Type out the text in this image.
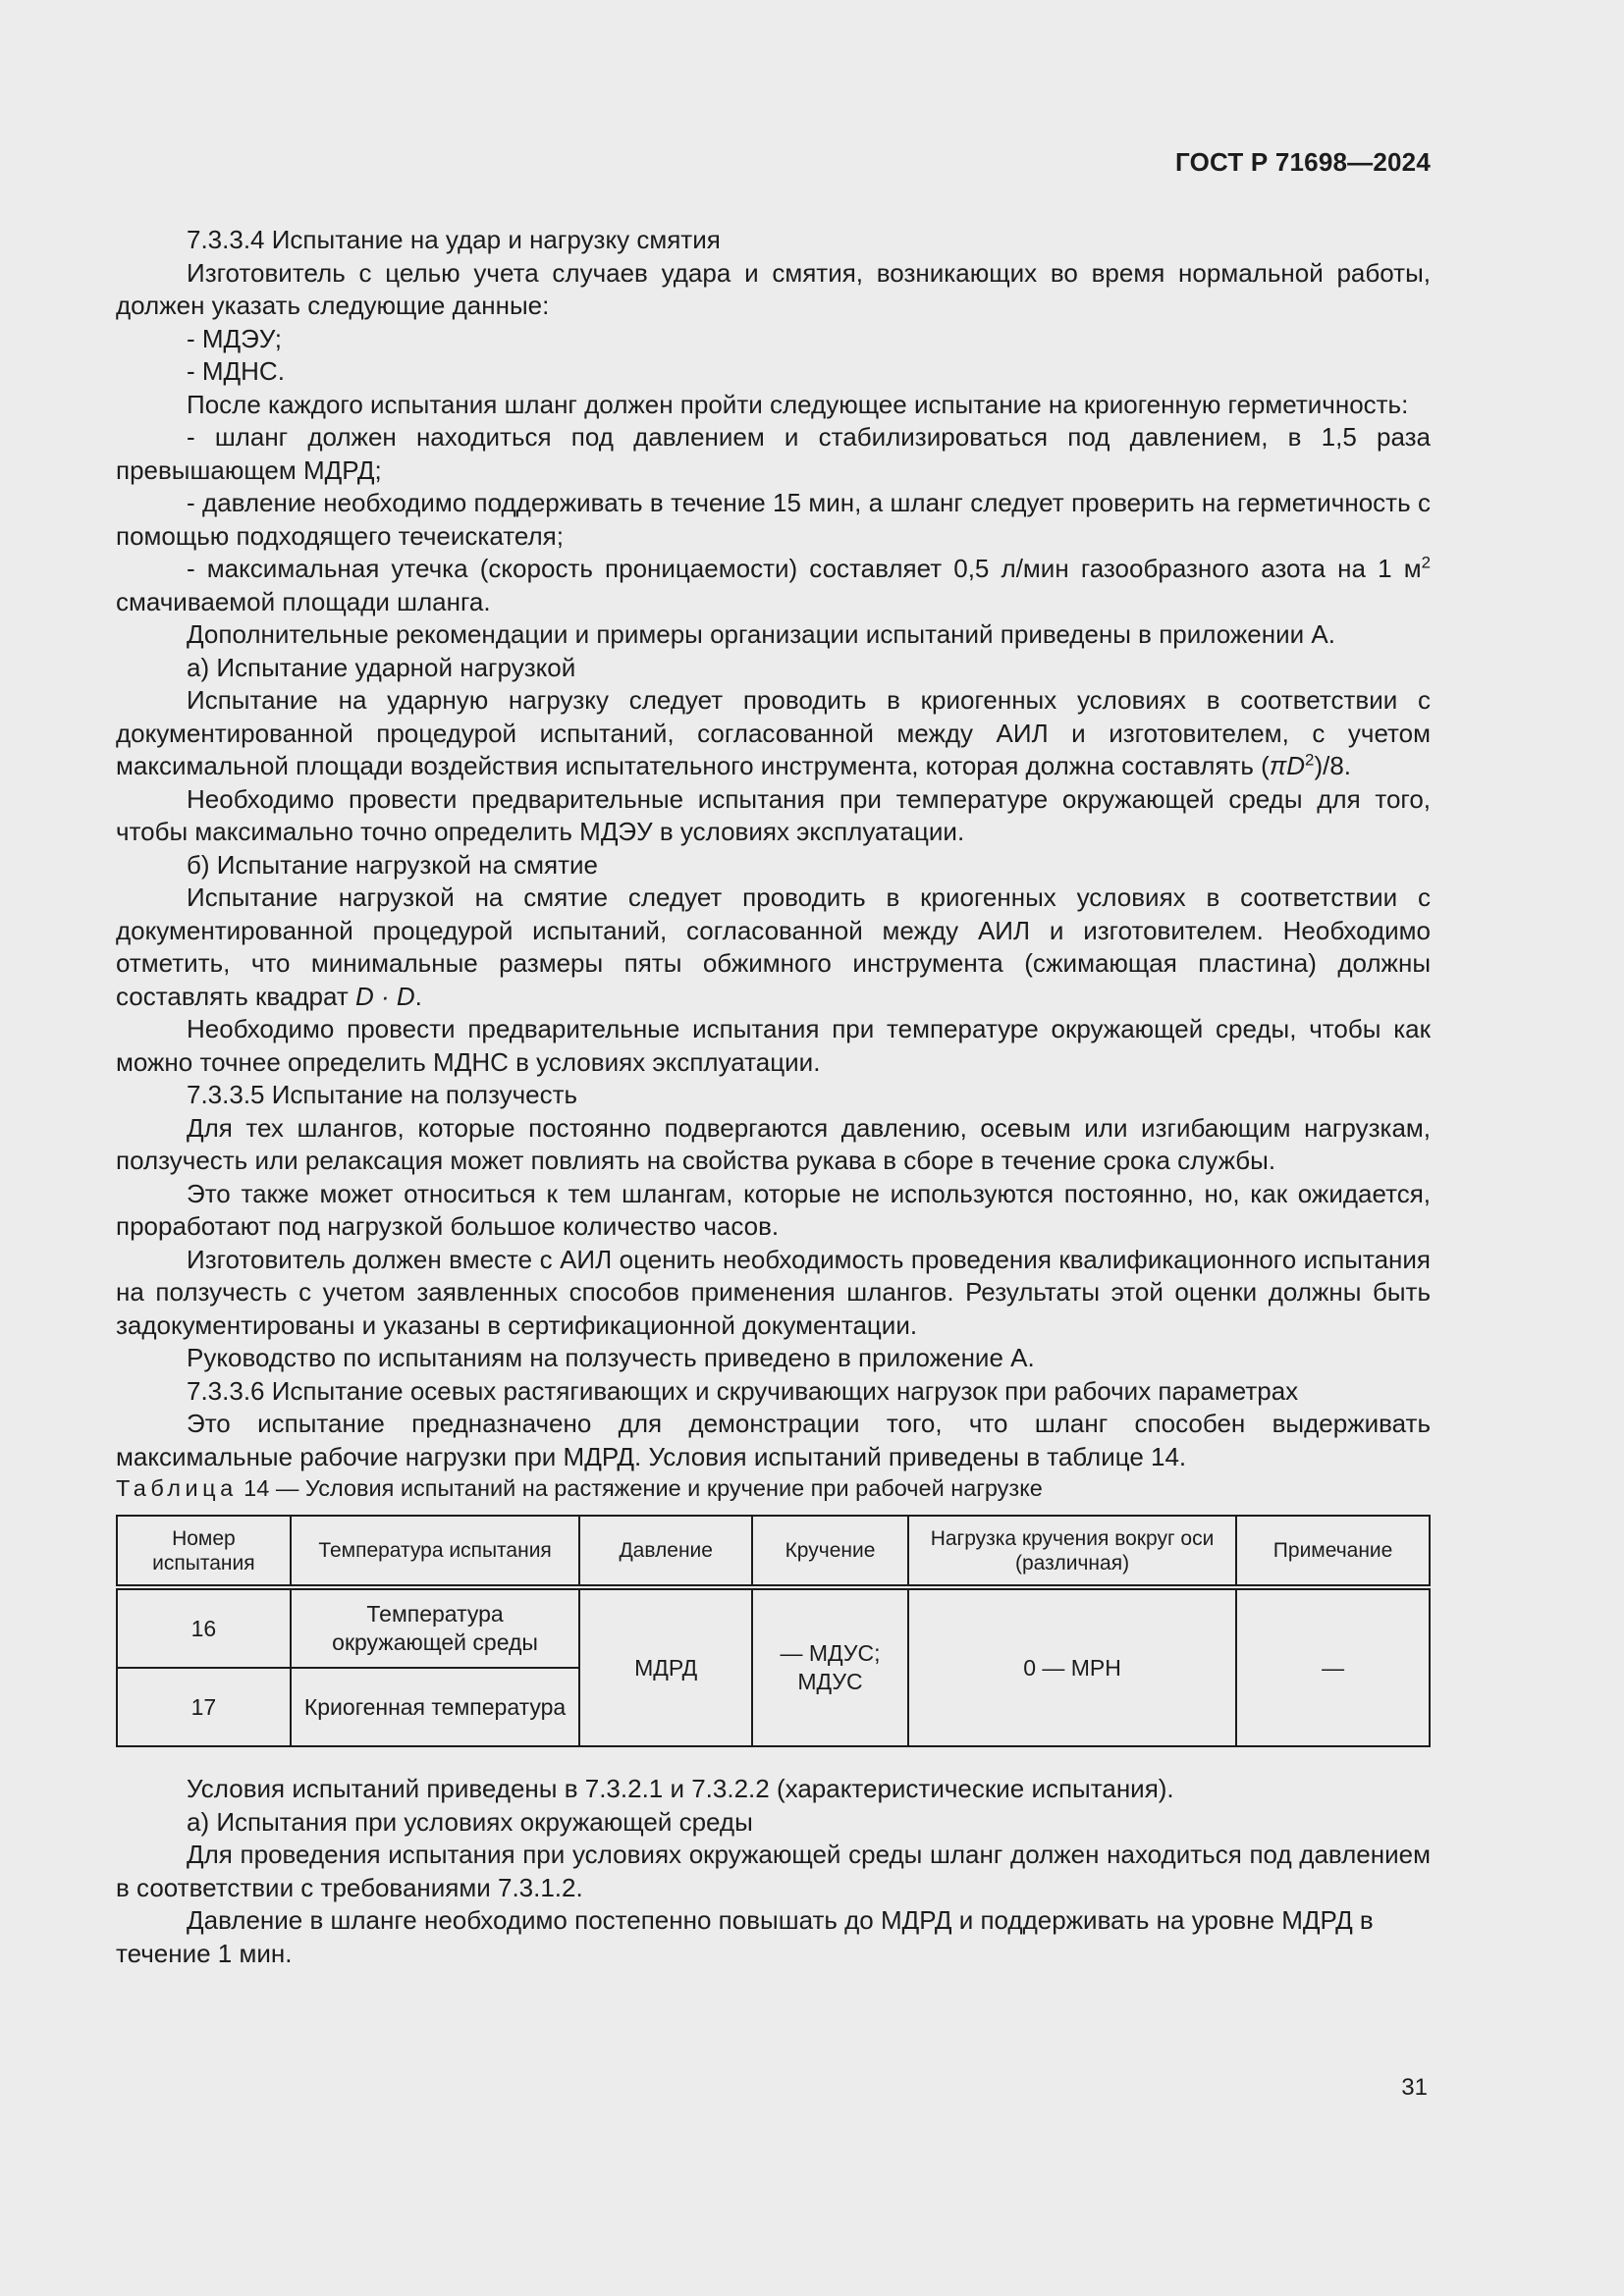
ГОСТ Р 71698—2024

7.3.3.4 Испытание на удар и нагрузку смятия

Изготовитель с целью учета случаев удара и смятия, возникающих во время нормальной работы, должен указать следующие данные:

- МДЭУ;

- МДНС.

После каждого испытания шланг должен пройти следующее испытание на криогенную герметичность:

- шланг должен находиться под давлением и стабилизироваться под давлением, в 1,5 раза превышающем МДРД;

- давление необходимо поддерживать в течение 15 мин, а шланг следует проверить на герметичность с помощью подходящего течеискателя;

- максимальная утечка (скорость проницаемости) составляет 0,5 л/мин газообразного азота на 1 $м^2$ смачиваемой площади шланга.

Дополнительные рекомендации и примеры организации испытаний приведены в приложении А.

а) Испытание ударной нагрузкой

Испытание на ударную нагрузку следует проводить в криогенных условиях в соответствии с документированной процедурой испытаний, согласованной между АИЛ и изготовителем, с учетом максимальной площади воздействия испытательного инструмента, которая должна составлять $(\pi D^2)/8$.

Необходимо провести предварительные испытания при температуре окружающей среды для того, чтобы максимально точно определить МДЭУ в условиях эксплуатации.

б) Испытание нагрузкой на смятие

Испытание нагрузкой на смятие следует проводить в криогенных условиях в соответствии с документированной процедурой испытаний, согласованной между АИЛ и изготовителем. Необходимо отметить, что минимальные размеры пяты обжимного инструмента (сжимающая пластина) должны составлять квадрат D · D.

Необходимо провести предварительные испытания при температуре окружающей среды, чтобы как можно точнее определить МДНС в условиях эксплуатации.

7.3.3.5 Испытание на ползучесть

Для тех шлангов, которые постоянно подвергаются давлению, осевым или изгибающим нагрузкам, ползучесть или релаксация может повлиять на свойства рукава в сборе в течение срока службы.

Это также может относиться к тем шлангам, которые не используются постоянно, но, как ожидается, проработают под нагрузкой большое количество часов.

Изготовитель должен вместе с АИЛ оценить необходимость проведения квалификационного испытания на ползучесть с учетом заявленных способов применения шлангов. Результаты этой оценки должны быть задокументированы и указаны в сертификационной документации.

Руководство по испытаниям на ползучесть приведено в приложение А.

7.3.3.6 Испытание осевых растягивающих и скручивающих нагрузок при рабочих параметрах

Это испытание предназначено для демонстрации того, что шланг способен выдерживать максимальные рабочие нагрузки при МДРД. Условия испытаний приведены в таблице 14.

Таблица 14 — Условия испытаний на растяжение и кручение при рабочей нагрузке

Номер испытания	Температура испытания	Давление	Кручение	Нагрузка кручения вокруг оси (различная)	Примечание
16	Температура окружающей среды	МДРД	— МДУС; МДУС	0 — МРН	—
17	Криогенная температура				

Условия испытаний приведены в 7.3.2.1 и 7.3.2.2 (характеристические испытания).

а) Испытания при условиях окружающей среды

Для проведения испытания при условиях окружающей среды шланг должен находиться под давлением в соответствии с требованиями 7.3.1.2.

Давление в шланге необходимо постепенно повышать до МДРД и поддерживать на уровне МДРД в течение 1 мин.

31
